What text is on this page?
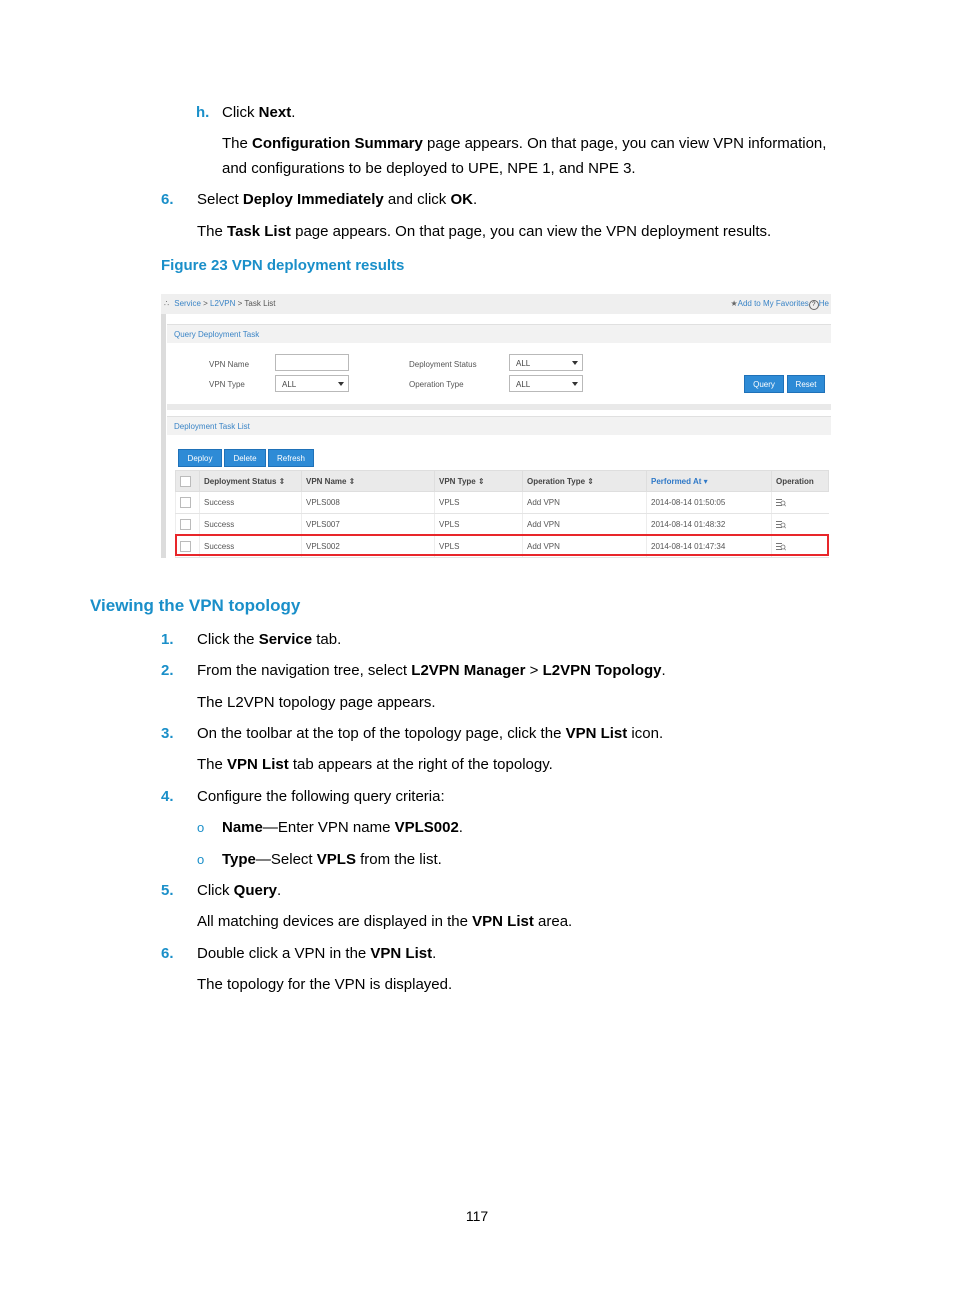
h. Click Next.
The Configuration Summary page appears. On that page, you can view VPN information,
and configurations to be deployed to UPE, NPE 1, and NPE 3.
6. Select Deploy Immediately and click OK.
The Task List page appears. On that page, you can view the VPN deployment results.
Figure 23 VPN deployment results
∴ Service > L2VPN > Task List	★Add to My Favorites ? He
Query Deployment Task
VPN Name
VPN Type	ALL
Deployment Status	ALL
Operation Type	ALL	Query	Reset
Deployment Task List
Deploy	Delete	Refresh
	Deployment Status ⇕	VPN Name ⇕	VPN Type ⇕	Operation Type ⇕	Performed At ▾	Operation
	Success	VPLS008	VPLS	Add VPN	2014-08-14 01:50:05	
	Success	VPLS007	VPLS	Add VPN	2014-08-14 01:48:32	
	Success	VPLS002	VPLS	Add VPN	2014-08-14 01:47:34	
Viewing the VPN topology
1. Click the Service tab.
2. From the navigation tree, select L2VPN Manager > L2VPN Topology.
The L2VPN topology page appears.
3. On the toolbar at the top of the topology page, click the VPN List icon.
The VPN List tab appears at the right of the topology.
4. Configure the following query criteria:
o Name—Enter VPN name VPLS002.
o Type—Select VPLS from the list.
5. Click Query.
All matching devices are displayed in the VPN List area.
6. Double click a VPN in the VPN List.
The topology for the VPN is displayed.
117
